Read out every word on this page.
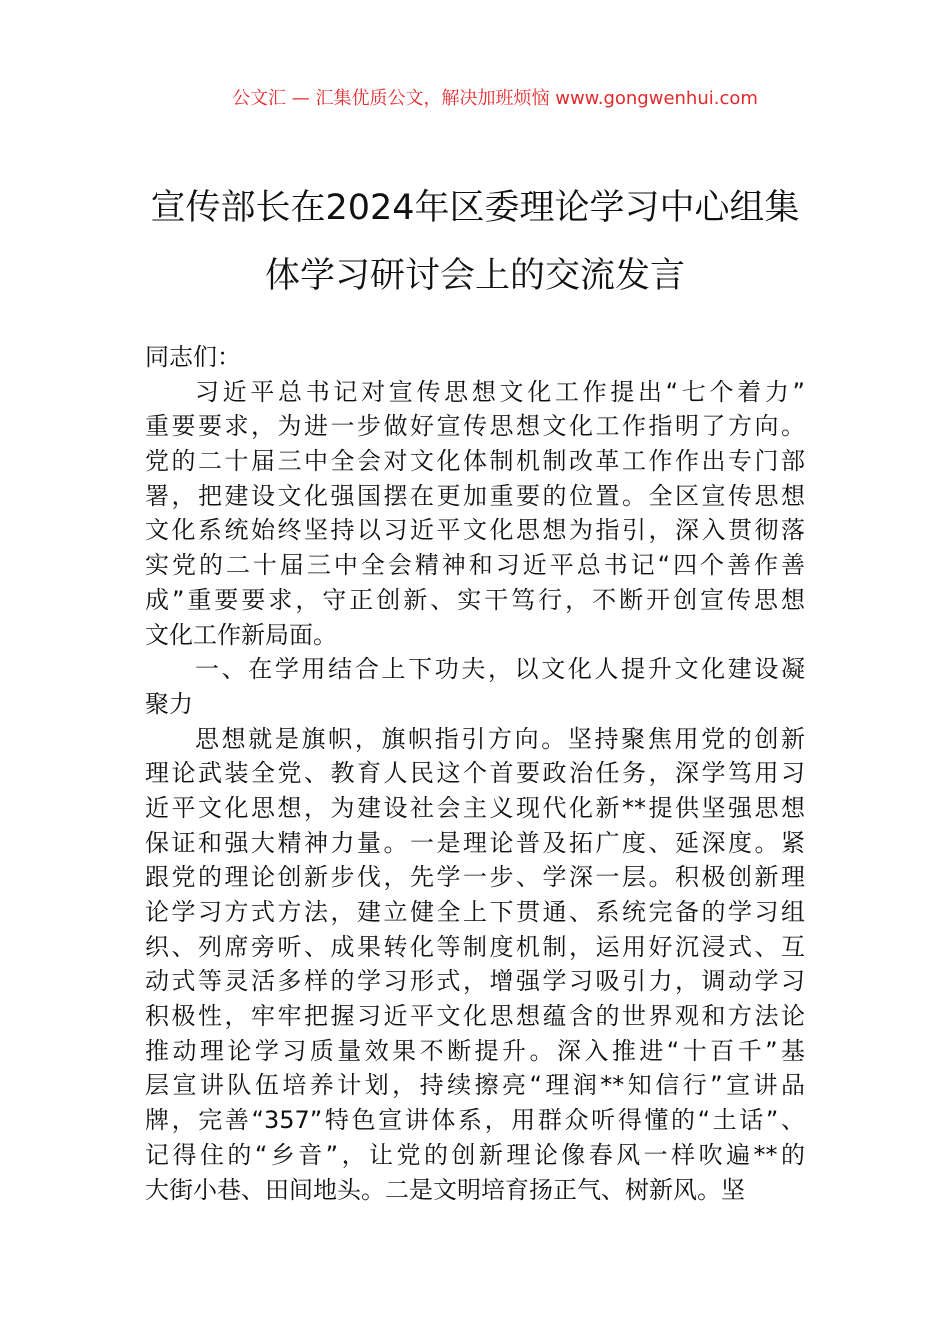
公文汇 — 汇集优质公文，解决加班烦恼 www.gongwenhui.com
宣传部长在2024年区委理论学习中心组集
体学习研讨会上的交流发言
同志们：
习近平总书记对宣传思想文化工作提出“七个着力”
重要要求，为进一步做好宣传思想文化工作指明了方向。
党的二十届三中全会对文化体制机制改革工作作出专门部
署，把建设文化强国摆在更加重要的位置。全区宣传思想
文化系统始终坚持以习近平文化思想为指引，深入贯彻落
实党的二十届三中全会精神和习近平总书记“四个善作善
成”重要要求，守正创新、实干笃行，不断开创宣传思想
文化工作新局面。
一、在学用结合上下功夫，以文化人提升文化建设凝
聚力
思想就是旗帜，旗帜指引方向。坚持聚焦用党的创新
理论武装全党、教育人民这个首要政治任务，深学笃用习
近平文化思想，为建设社会主义现代化新**提供坚强思想
保证和强大精神力量。一是理论普及拓广度、延深度。紧
跟党的理论创新步伐，先学一步、学深一层。积极创新理
论学习方式方法，建立健全上下贯通、系统完备的学习组
织、列席旁听、成果转化等制度机制，运用好沉浸式、互
动式等灵活多样的学习形式，增强学习吸引力，调动学习
积极性，牢牢把握习近平文化思想蕴含的世界观和方法论
推动理论学习质量效果不断提升。深入推进“十百千”基
层宣讲队伍培养计划，持续擦亮“理润**知信行”宣讲品
牌，完善“357”特色宣讲体系，用群众听得懂的“土话”、
记得住的“乡音”，让党的创新理论像春风一样吹遍**的
大街小巷、田间地头。二是文明培育扬正气、树新风。坚
